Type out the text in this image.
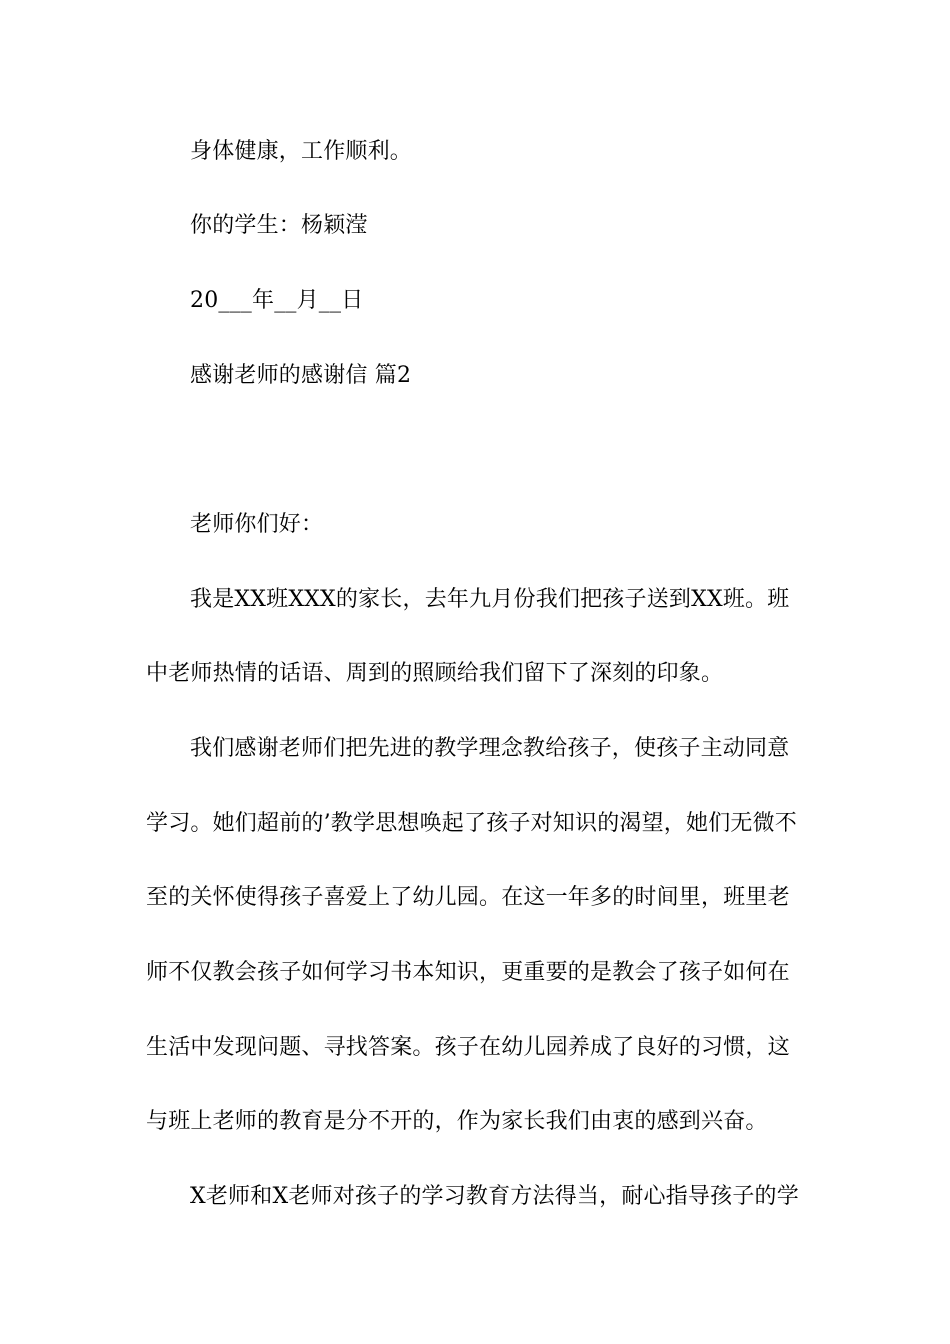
身体健康，工作顺利。
你的学生：杨颖滢
20___年__月__日
感谢老师的感谢信 篇2
老师你们好：
我是XX班XXX的家长，去年九月份我们把孩子送到XX班。班
中老师热情的话语、周到的照顾给我们留下了深刻的印象。
我们感谢老师们把先进的教学理念教给孩子，使孩子主动同意
学习。她们超前的’教学思想唤起了孩子对知识的渴望，她们无微不
至的关怀使得孩子喜爱上了幼儿园。在这一年多的时间里，班里老
师不仅教会孩子如何学习书本知识，更重要的是教会了孩子如何在
生活中发现问题、寻找答案。孩子在幼儿园养成了良好的习惯，这
与班上老师的教育是分不开的，作为家长我们由衷的感到兴奋。
X老师和X老师对孩子的学习教育方法得当，耐心指导孩子的学
